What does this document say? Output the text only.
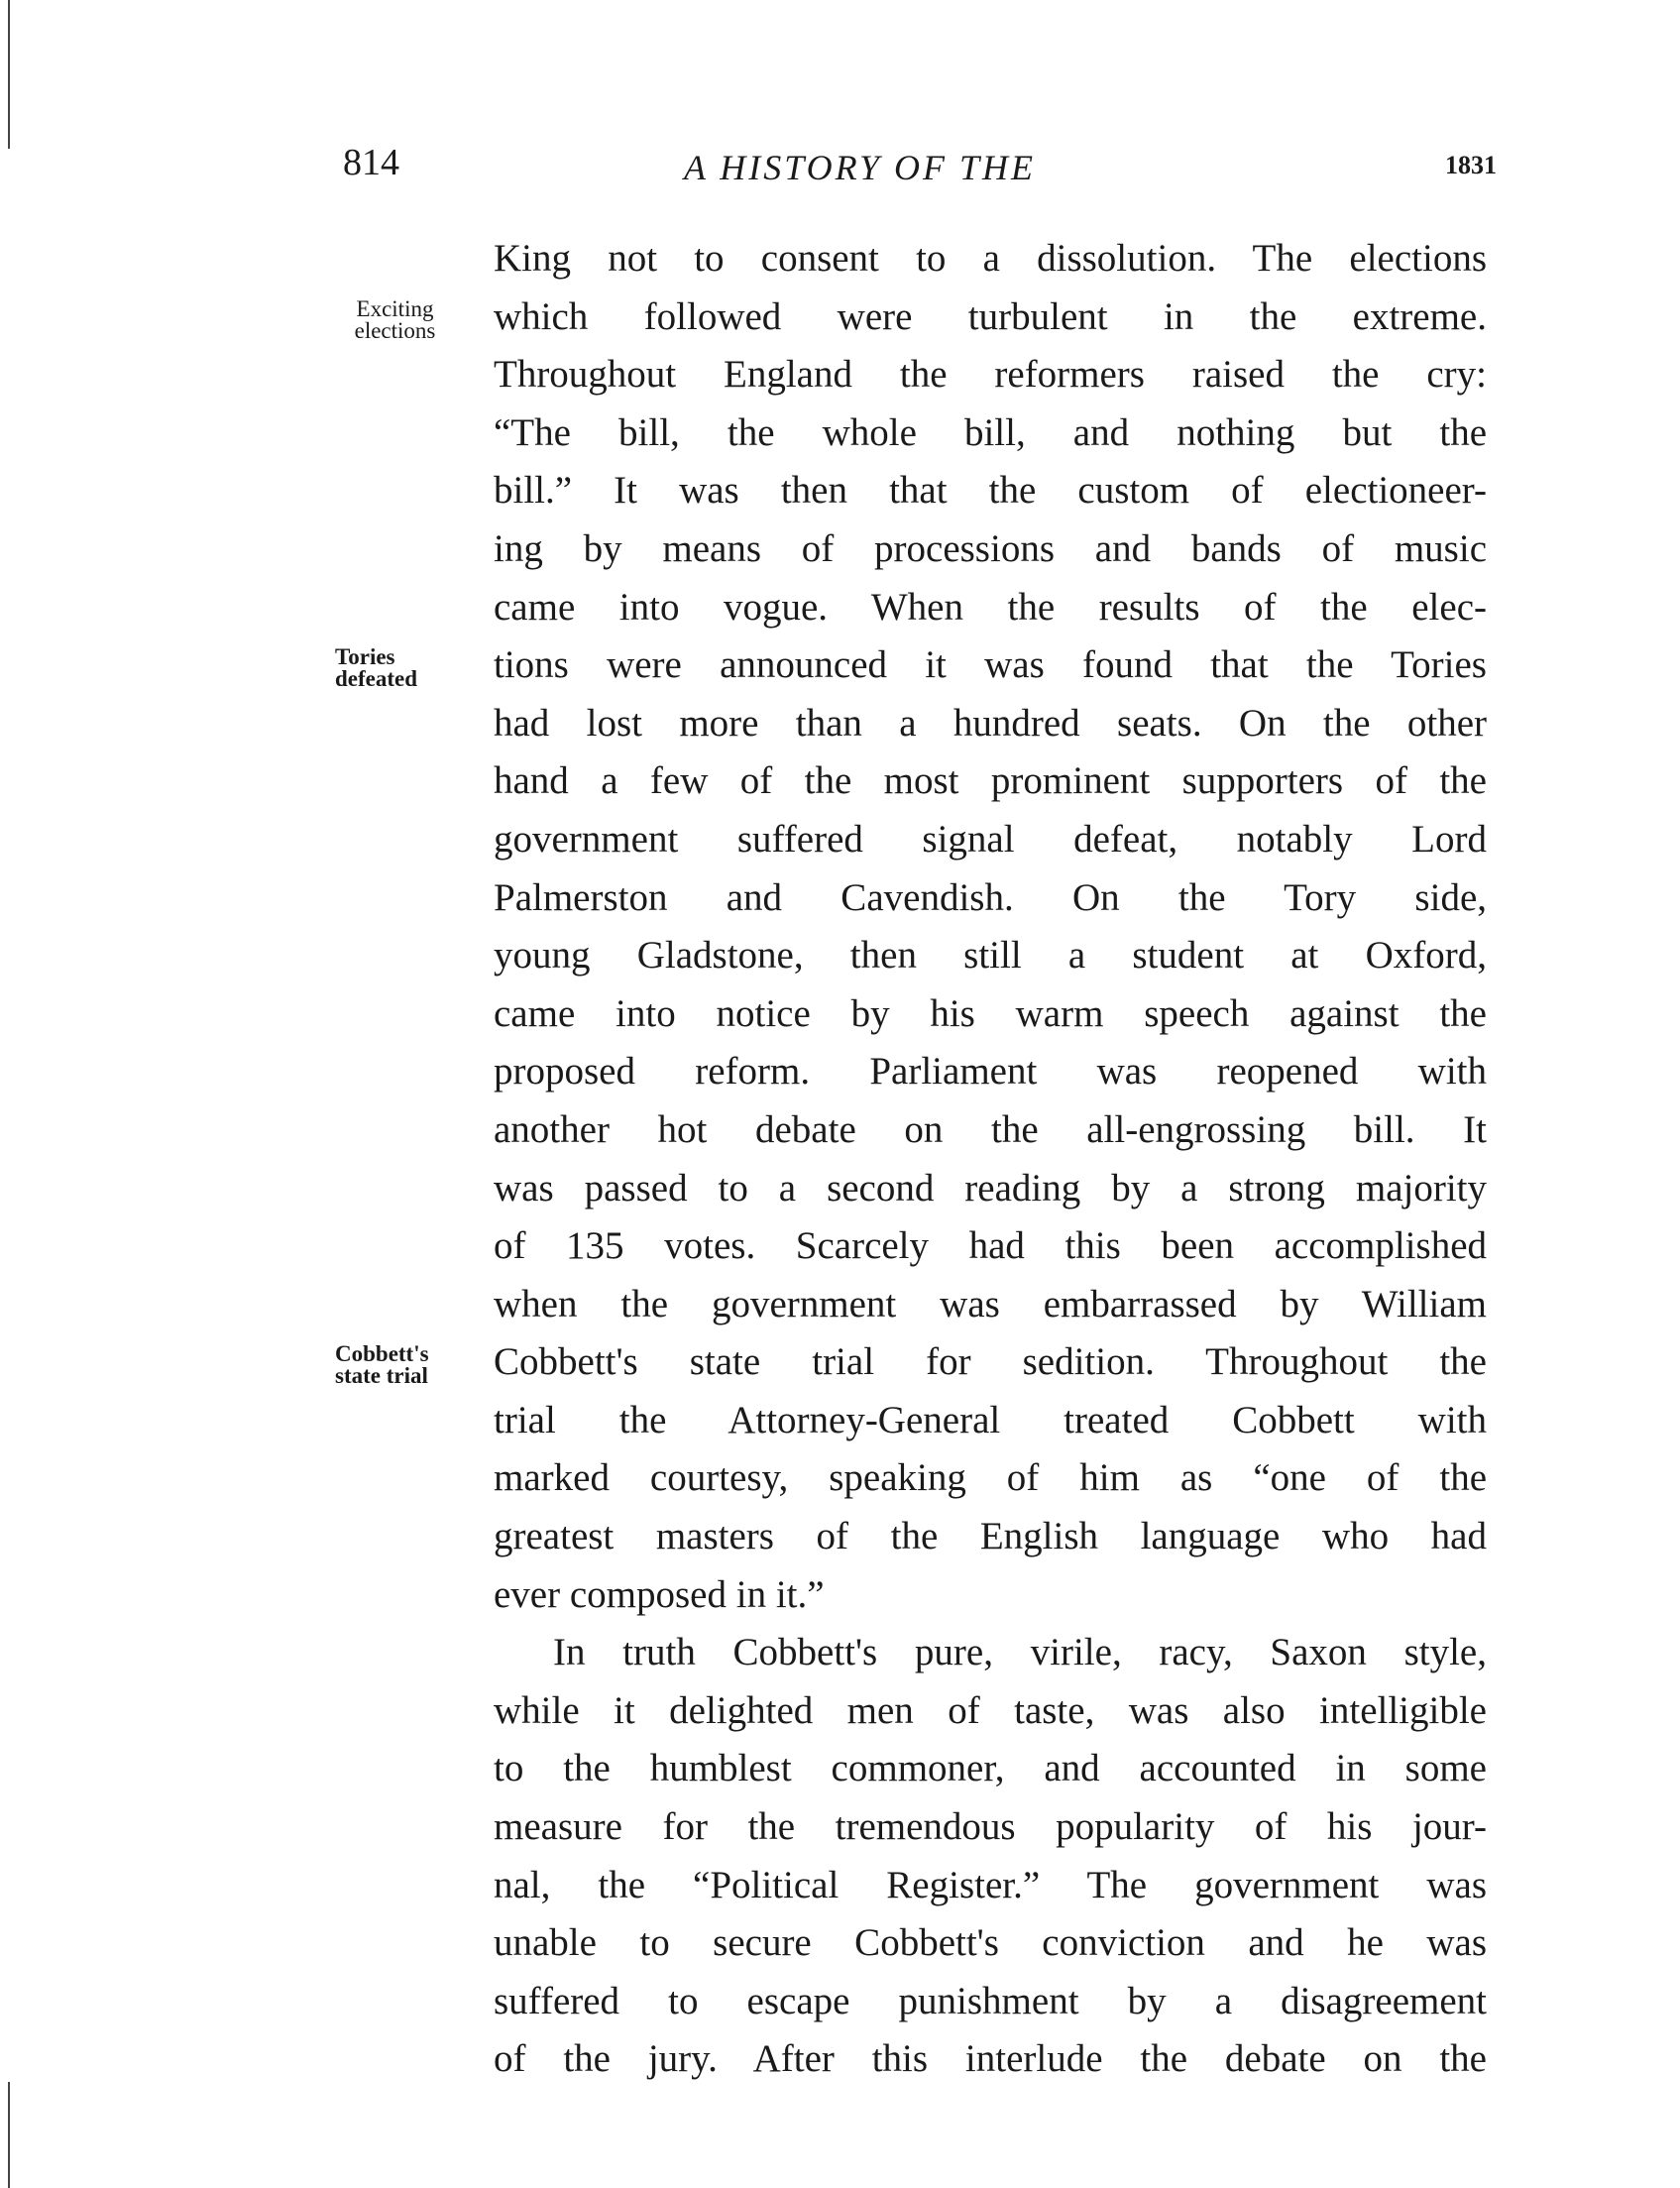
814	A HISTORY OF THE	1831
Exciting elections
Tories defeated
Cobbett's state trial
King not to consent to a dissolution. The elections
which followed were turbulent in the extreme.
Throughout England the reformers raised the cry:
“The bill, the whole bill, and nothing but the
bill.” It was then that the custom of electioneer-
ing by means of processions and bands of music
came into vogue. When the results of the elec-
tions were announced it was found that the Tories
had lost more than a hundred seats. On the other
hand a few of the most prominent supporters of the
government suffered signal defeat, notably Lord
Palmerston and Cavendish. On the Tory side,
young Gladstone, then still a student at Oxford,
came into notice by his warm speech against the
proposed reform. Parliament was reopened with
another hot debate on the all-engrossing bill. It
was passed to a second reading by a strong majority
of 135 votes. Scarcely had this been accomplished
when the government was embarrassed by William
Cobbett's state trial for sedition. Throughout the
trial the Attorney-General treated Cobbett with
marked courtesy, speaking of him as “one of the
greatest masters of the English language who had
ever composed in it.”
In truth Cobbett's pure, virile, racy, Saxon style,
while it delighted men of taste, was also intelligible
to the humblest commoner, and accounted in some
measure for the tremendous popularity of his jour-
nal, the “Political Register.” The government was
unable to secure Cobbett's conviction and he was
suffered to escape punishment by a disagreement
of the jury. After this interlude the debate on the
